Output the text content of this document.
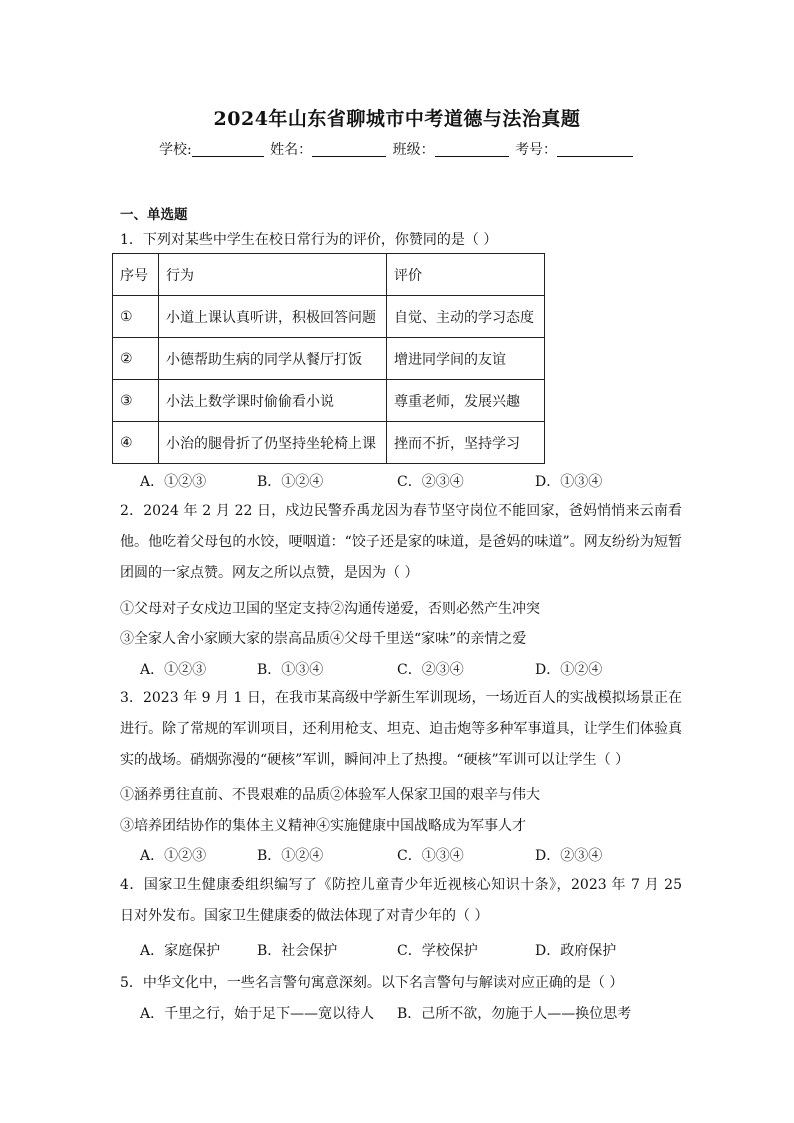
2024年山东省聊城市中考道德与法治真题
学校:	姓名：	班级：	考号：
一、单选题
1．下列对某些中学生在校日常行为的评价，你赞同的是（ ）
序号	行为	评价
①	小道上课认真听讲，积极回答问题	自觉、主动的学习态度
②	小德帮助生病的同学从餐厅打饭	增进同学间的友谊
③	小法上数学课时偷偷看小说	尊重老师，发展兴趣
④	小治的腿骨折了仍坚持坐轮椅上课	挫而不折，坚持学习
A．①②③	B．①②④	C．②③④	D．①③④
2．2024 年 2 月 22 日，戍边民警乔禹龙因为春节坚守岗位不能回家，爸妈悄悄来云南看他。他吃着父母包的水饺，哽咽道：“饺子还是家的味道，是爸妈的味道”。网友纷纷为短暂团圆的一家点赞。网友之所以点赞，是因为（ ）
①父母对子女戍边卫国的坚定支持②沟通传递爱，否则必然产生冲突
③全家人舍小家顾大家的崇高品质④父母千里送“家味”的亲情之爱
A．①②③	B．①③④	C．②③④	D．①②④
3．2023 年 9 月 1 日，在我市某高级中学新生军训现场，一场近百人的实战模拟场景正在进行。除了常规的军训项目，还利用枪支、坦克、迫击炮等多种军事道具，让学生们体验真实的战场。硝烟弥漫的“硬核”军训，瞬间冲上了热搜。“硬核”军训可以让学生（ ）
①涵养勇往直前、不畏艰难的品质②体验军人保家卫国的艰辛与伟大
③培养团结协作的集体主义精神④实施健康中国战略成为军事人才
A．①②③	B．①②④	C．①③④	D．②③④
4．国家卫生健康委组织编写了《防控儿童青少年近视核心知识十条》，2023 年 7 月 25 日对外发布。国家卫生健康委的做法体现了对青少年的（ ）
A．家庭保护	B．社会保护	C．学校保护	D．政府保护
5．中华文化中，一些名言警句寓意深刻。以下名言警句与解读对应正确的是（ ）
A．千里之行，始于足下——宽以待人 B．己所不欲，勿施于人——换位思考
